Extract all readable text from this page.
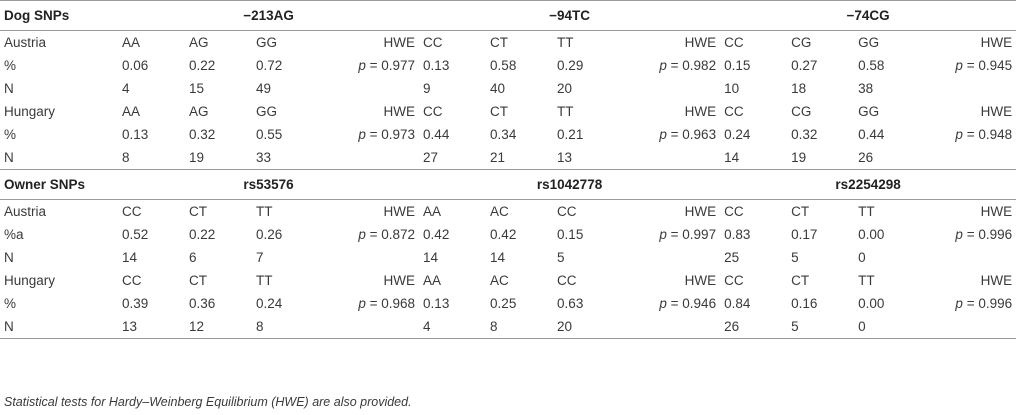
Dog SNPs	−213AG				−94TC				−74CG			
Austria	AA	AG	GG	HWE	CC	CT	TT	HWE	CC	CG	GG	HWE
%	0.06	0.22	0.72	p = 0.977	0.13	0.58	0.29	p = 0.982	0.15	0.27	0.58	p = 0.945
N	4	15	49		9	40	20		10	18	38	
Hungary	AA	AG	GG	HWE	CC	CT	TT	HWE	CC	CG	GG	HWE
%	0.13	0.32	0.55	p = 0.973	0.44	0.34	0.21	p = 0.963	0.24	0.32	0.44	p = 0.948
N	8	19	33		27	21	13		14	19	26	
Owner SNPs	rs53576				rs1042778				rs2254298			
Austria	CC	CT	TT	HWE	AA	AC	CC	HWE	CC	CT	TT	HWE
%a	0.52	0.22	0.26	p = 0.872	0.42	0.42	0.15	p = 0.997	0.83	0.17	0.00	p = 0.996
N	14	6	7		14	14	5		25	5	0	
Hungary	CC	CT	TT	HWE	AA	AC	CC	HWE	CC	CT	TT	HWE
%	0.39	0.36	0.24	p = 0.968	0.13	0.25	0.63	p = 0.946	0.84	0.16	0.00	p = 0.996
N	13	12	8		4	8	20		26	5	0	
Statistical tests for Hardy–Weinberg Equilibrium (HWE) are also provided.
